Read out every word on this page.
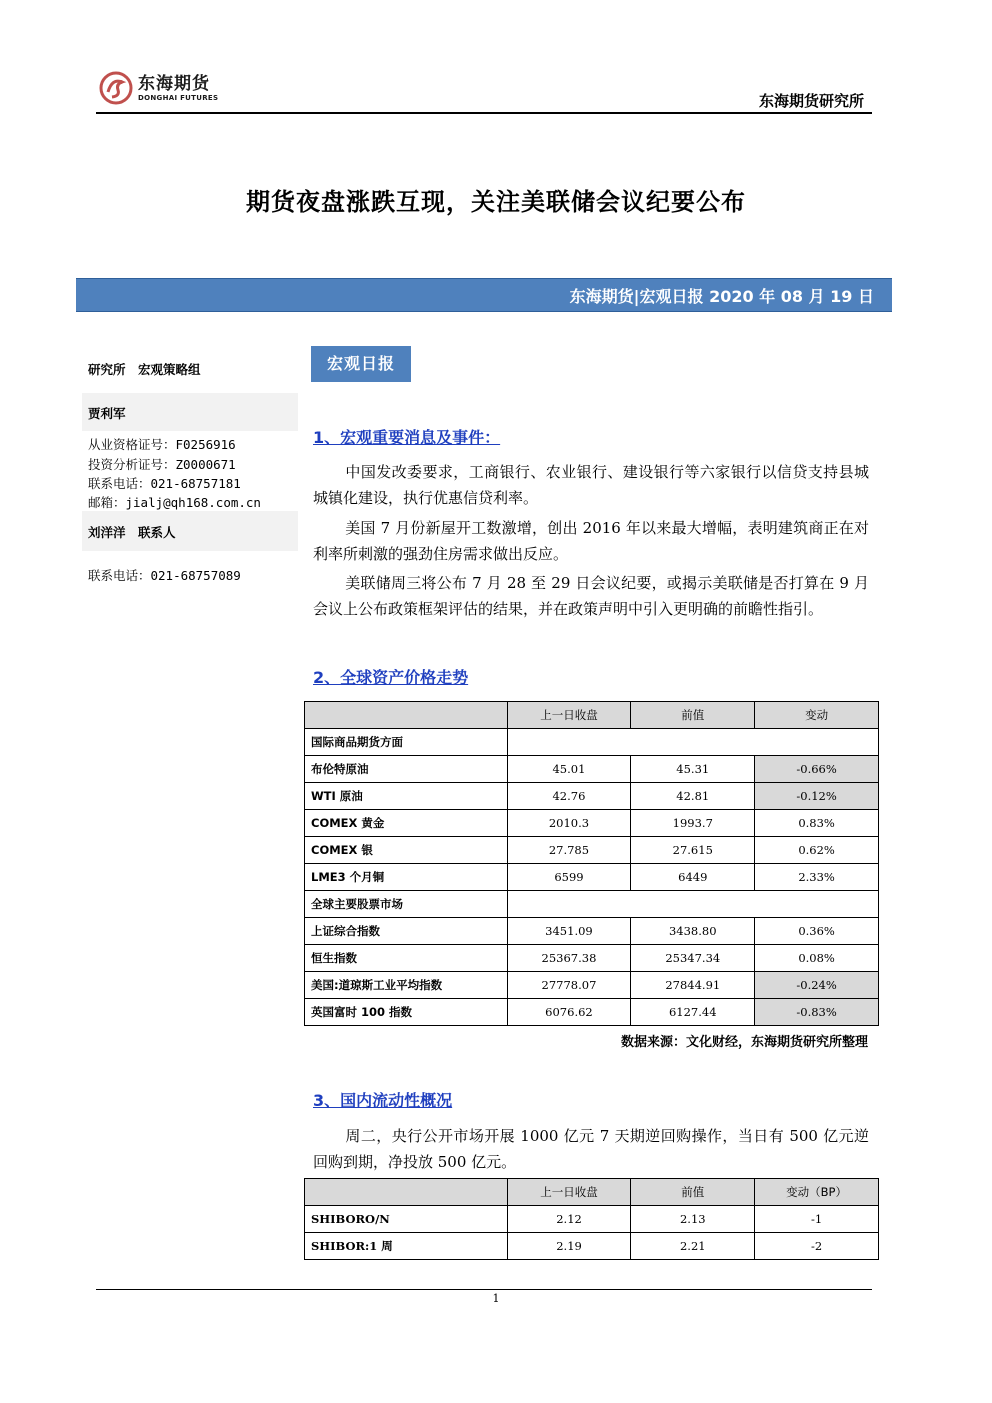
东海期货
DONGHAI FUTURES	东海期货研究所
期货夜盘涨跌互现，关注美联储会议纪要公布
东海期货|宏观日报 2020 年 08 月 19 日
研究所　宏观策略组
贾利军
从业资格证号：F0256916
投资分析证号：Z0000671
联系电话：021-68757181
邮箱：jialj@qh168.com.cn
刘洋洋　联系人
联系电话：021-68757089
宏观日报
1、宏观重要消息及事件：
中国发改委要求，工商银行、农业银行、建设银行等六家银行以信贷支持县城城镇化建设，执行优惠信贷利率。
美国 7 月份新屋开工数激增，创出 2016 年以来最大增幅，表明建筑商正在对利率所刺激的强劲住房需求做出反应。
美联储周三将公布 7 月 28 至 29 日会议纪要，或揭示美联储是否打算在 9 月会议上公布政策框架评估的结果，并在政策声明中引入更明确的前瞻性指引。
2、全球资产价格走势
	上一日收盘	前值	变动
国际商品期货方面			
布伦特原油	45.01	45.31	-0.66%
WTI 原油	42.76	42.81	-0.12%
COMEX 黄金	2010.3	1993.7	0.83%
COMEX 银	27.785	27.615	0.62%
LME3 个月铜	6599	6449	2.33%
全球主要股票市场			
上证综合指数	3451.09	3438.80	0.36%
恒生指数	25367.38	25347.34	0.08%
美国:道琼斯工业平均指数	27778.07	27844.91	-0.24%
英国富时 100 指数	6076.62	6127.44	-0.83%
数据来源：文化财经，东海期货研究所整理
3、国内流动性概况
周二，央行公开市场开展 1000 亿元 7 天期逆回购操作，当日有 500 亿元逆回购到期，净投放 500 亿元。
	上一日收盘	前值	变动（BP）
SHIBORO/N	2.12	2.13	-1
SHIBOR:1 周	2.19	2.21	-2
1
